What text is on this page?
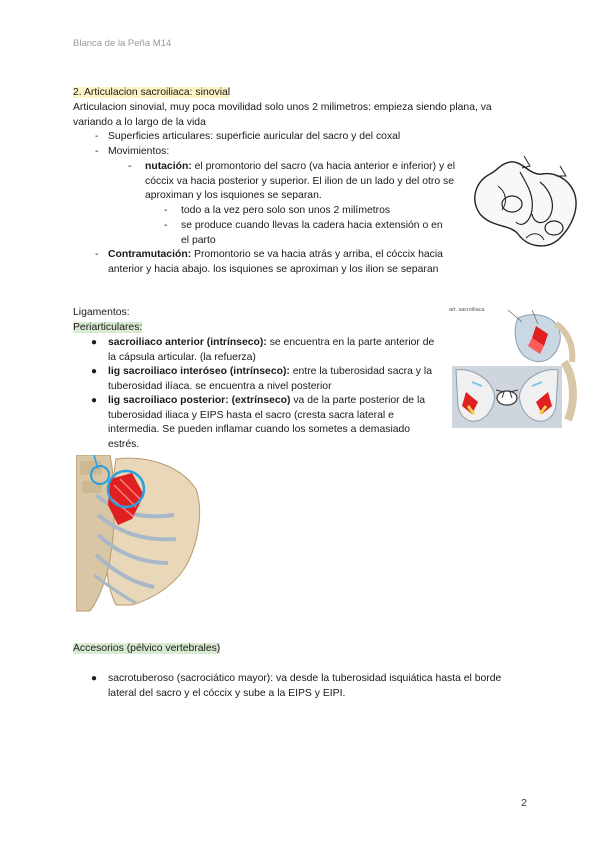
Blanca de la Peña M14
2. Articulacion sacroiliaca: sinovial
Articulacion sinovial, muy poca movilidad solo unos 2 milimetros: empieza siendo plana, va variando a lo largo de la vida
- Superficies articulares: superficie auricular del sacro y del coxal
- Movimientos:
- nutación: el promontorio del sacro (va hacia anterior e inferior) y el cóccix va hacia posterior y superior. El ilion de un lado y del otro se aproximan y los isquiones se separan.
- todo a la vez pero solo son unos 2 milímetros
- se produce cuando llevas la cadera hacia extensión o en el parto
- Contramutación: Promontorio se va hacia atrás y arriba, el cóccix hacia anterior y hacia abajo. los isquiones se aproximan y los ilion se separan
Ligamentos:
Periarticulares:
● sacroiliaco anterior (intrínseco): se encuentra en la parte anterior de la cápsula articular. (la refuerza)
● lig sacroiliaco interóseo (intrínseco): entre la tuberosidad sacra y la tuberosidad ilíaca. se encuentra a nivel posterior
● lig sacroiliaco posterior: (extrínseco) va de la parte posterior de la tuberosidad iliaca y EIPS hasta el sacro (cresta sacra lateral e intermedia. Se pueden inflamar cuando los sometes a demasiado estrés.
art. sacroiliaca
Accesorios (pélvico vertebrales)
● sacrotuberoso (sacrociático mayor): va desde la tuberosidad isquiática hasta el borde lateral del sacro y el cóccix y sube a la EIPS y EIPI.
2
